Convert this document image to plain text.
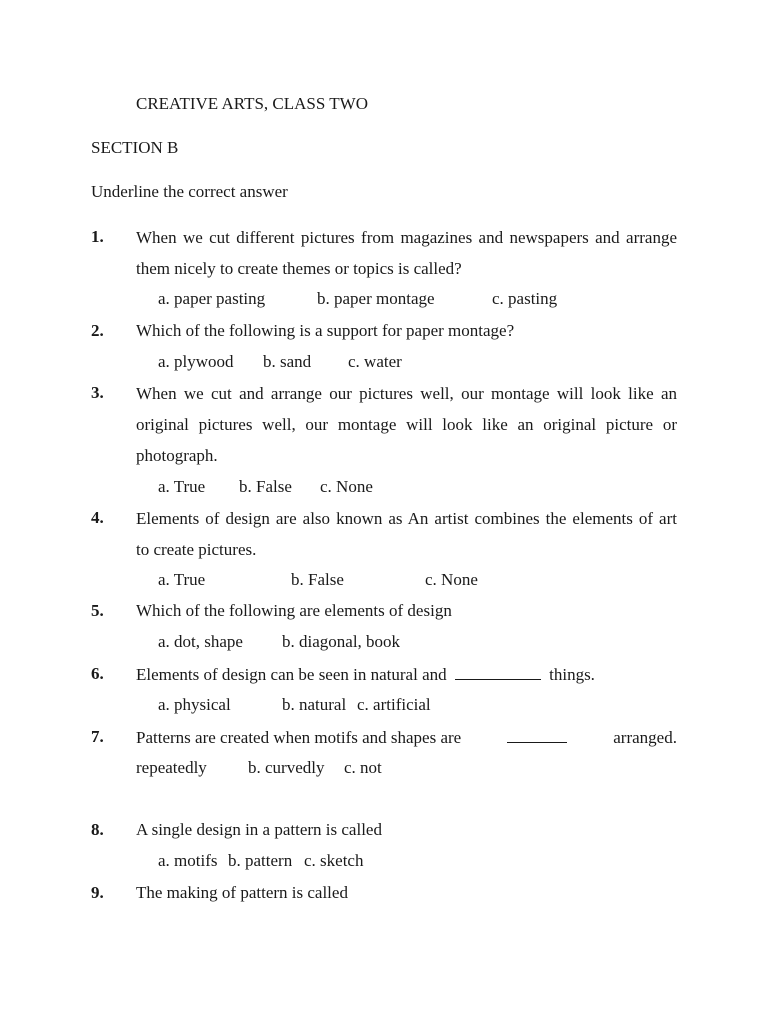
CREATIVE ARTS, CLASS TWO
SECTION B
Underline the correct answer
1. When we cut different pictures from magazines and newspapers and arrange
them nicely to create themes or topics is called?
a. paper pasting	b. paper montage	c. pasting
2. Which of the following is a support for paper montage?
a. plywood b. sand c. water
3. When we cut and arrange our pictures well, our montage will look like an
original pictures well, our montage will look like an original picture or
photograph.
a. True b. False c. None
4. Elements of design are also known as An artist combines the elements of art
to create pictures.
a. True	b. False	c. None
5. Which of the following are elements of design
a. dot, shape b. diagonal, book
6. Elements of design can be seen in natural and	things.
a. physical	b. natural c. artificial
7. Patterns are created when motifs and shapes are	arranged.
repeatedly b. curvedly c. not
8. A single design in a pattern is called
a. motifs b. pattern c. sketch
9. The making of pattern is called
